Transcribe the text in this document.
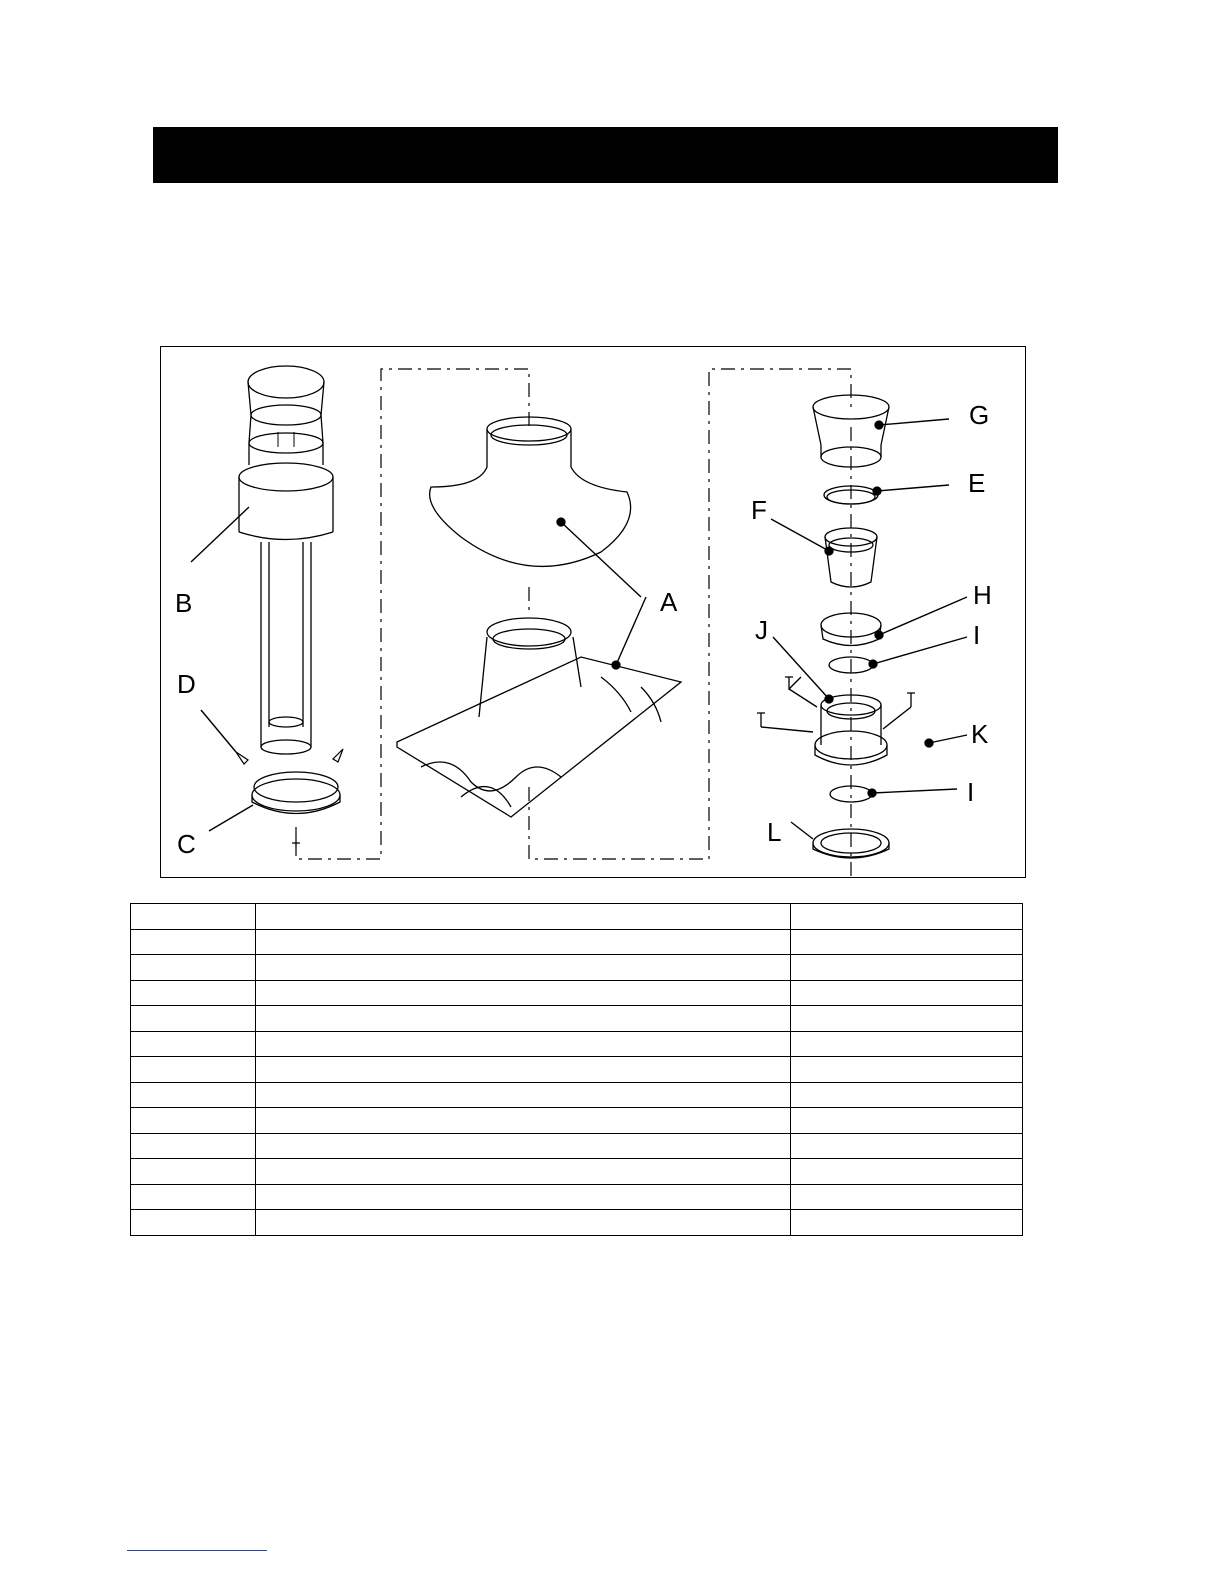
A
B
C
D
E
F
G
H
I
J
K
I
L
